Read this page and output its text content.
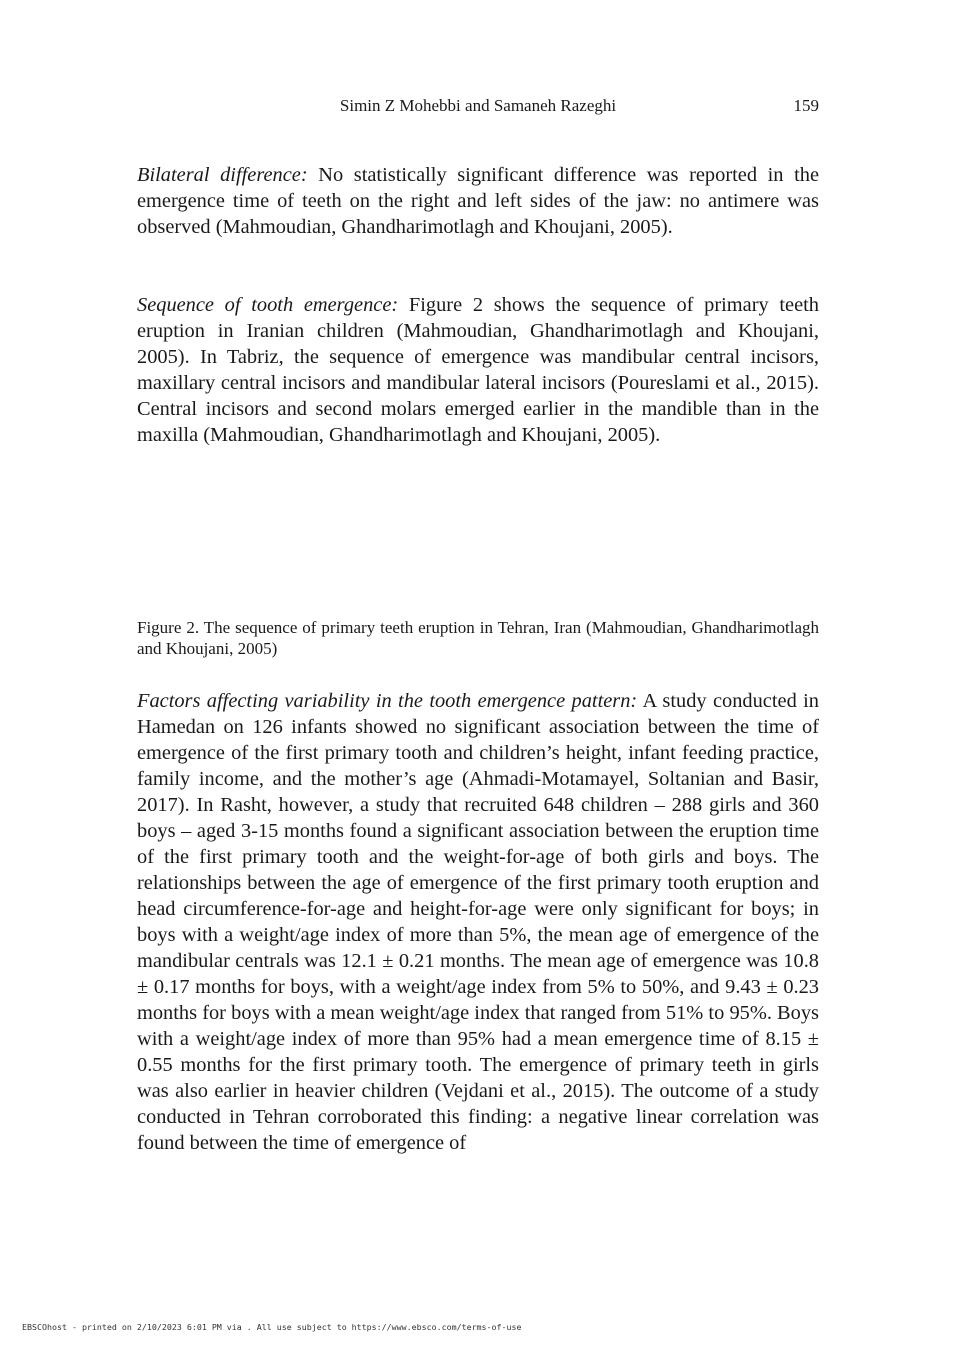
Simin Z Mohebbi and Samaneh Razeghi	159

Bilateral difference: No statistically significant difference was reported in the emergence time of teeth on the right and left sides of the jaw: no antimere was observed (Mahmoudian, Ghandharimotlagh and Khoujani, 2005).

Sequence of tooth emergence: Figure 2 shows the sequence of primary teeth eruption in Iranian children (Mahmoudian, Ghandharimotlagh and Khoujani, 2005). In Tabriz, the sequence of emergence was mandibular central incisors, maxillary central incisors and mandibular lateral incisors (Poureslami et al., 2015). Central incisors and second molars emerged earlier in the mandible than in the maxilla (Mahmoudian, Ghandharimotlagh and Khoujani, 2005).

Figure 2. The sequence of primary teeth eruption in Tehran, Iran (Mahmoudian, Ghandharimotlagh and Khoujani, 2005)

Factors affecting variability in the tooth emergence pattern: A study conducted in Hamedan on 126 infants showed no significant association between the time of emergence of the first primary tooth and children’s height, infant feeding practice, family income, and the mother’s age (Ahmadi-Motamayel, Soltanian and Basir, 2017). In Rasht, however, a study that recruited 648 children – 288 girls and 360 boys – aged 3-15 months found a significant association between the eruption time of the first primary tooth and the weight-for-age of both girls and boys. The relationships between the age of emergence of the first primary tooth eruption and head circumference-for-age and height-for-age were only significant for boys; in boys with a weight/age index of more than 5%, the mean age of emergence of the mandibular centrals was 12.1 ± 0.21 months. The mean age of emergence was 10.8 ± 0.17 months for boys, with a weight/age index from 5% to 50%, and 9.43 ± 0.23 months for boys with a mean weight/age index that ranged from 51% to 95%. Boys with a weight/age index of more than 95% had a mean emergence time of 8.15 ± 0.55 months for the first primary tooth. The emergence of primary teeth in girls was also earlier in heavier children (Vejdani et al., 2015). The outcome of a study conducted in Tehran corroborated this finding: a negative linear correlation was found between the time of emergence of

EBSCOhost - printed on 2/10/2023 6:01 PM via . All use subject to https://www.ebsco.com/terms-of-use
